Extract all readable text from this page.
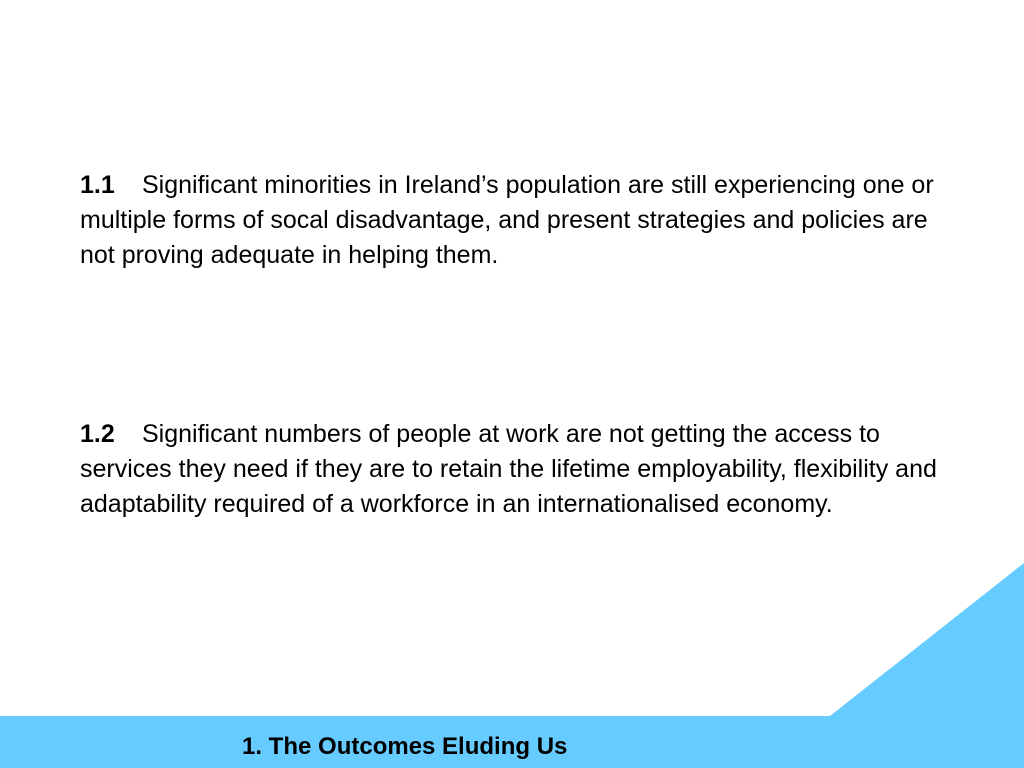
1.1 Significant minorities in Ireland’s population are still experiencing one or multiple forms of socal disadvantage, and present strategies and policies are not proving adequate in helping them.
1.2 Significant numbers of people at work are not getting the access to services they need if they are to retain the lifetime employability, flexibility and adaptability required of a workforce in an internationalised economy.
1. The Outcomes Eluding Us
